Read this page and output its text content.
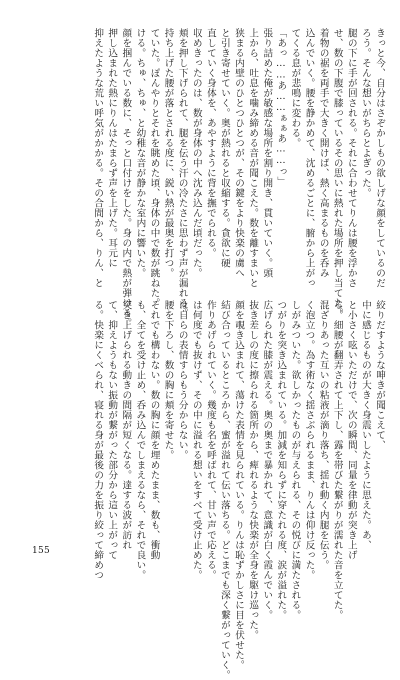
きっと今、自分はさぞかしもの欲しげな顔をしているのだ
ろう。そんな想いがちらとよぎった。
腿の下に手が回される。それに合わせてりんは腰を浮かさ
せ、数の下腹で膝っているその思いに熱れた場所を押し当てた。
着物の裾を両手で大きく開けば、熱く高まるものを呑み
込んでいく。腰を静かめて、沈めるごとに、腑から上がっ
てくる息が悲鳴に変わる。
「あっ……あ……ぁぁあ……っ」
張り詰めた俺が敏感な場所を割り開き、貫いていく。頭
上から、吐息を噛み締める音が聞こえた。数を離すまいと
狭まる内壁のひとつひとつが、その鍵をより快楽の虜へ
と引き寄せていく。奥が熱れると収縮する。貪欲に硬
直していく身体を、あやすように背を撫でられる。
収めきったのは、数が身体の中へ沈み込んだ頃だった。
頬を押し下げられて、腿を伝う汗の冷たさに思わず声が漏れる。
持ち上げた腰が落とされる度に、鋭い熱が最奥を打つ。
ていた。ぽんやりとそれを眺めた頃、身体の中で数が跳ねた。
ける。ちゅ、ちゅ、と幼稚な音が静かな室内に響いた。
顔を掴んでいる数に、そっと口付けをした。身の内で熱が弾ける。
押し込まれた熱にりんはたまらず声を上げた。耳元に
抑えたような荒い呼気がかかる。その合間から、りん、と
絞りだすような呻きが聞こえて、
中に感じるものが大きく身震いしたように思えた。あ、
と小さく呟いただけで、次の瞬間、同量を律動が突き上げ
る。細腰が翻弄されて上下し、露を帯びた繋がりが濡れた音を立てた。
混ざりあった互いの粘液が滴り落ち、揺れ動く内腿を伝う。
く泡立つ。為す術なく揺さぶられるまま、りんは仰け反った。
しがみついた。欲しかったものが与えられる、その悦びに満たされる。
つがりを突き込まれている。加減を知らずに穿たれる度、涙が溢れた。
広げられた膝が震える。奥の奥まで暴かれて、意識が白く霞んでいく。
抜き差しの度に擦られる箇所から、痺れるような快楽が全身を駆け巡った。
顔を覗き込まれて、蕩けた表情を見られている。りんは恥ずかしさに目を伏せた。
結び合っているところから、蜜が溢れて伝い落ちる。どこまでも深く繋がっていく。
作りあげられていく。幾度も名を呼ばれて、甘い声で応える。
は何度でも抜けず、その中に溢れる想いをすべて受け止めた。
は自らの表情すらもう分からない。
腰を下ろし、数の胸に頬を寄せた。
それでも構わない。数の胸に顔を埋めたまま、数も、衝動
も、全てを受け止め、呑み込んでしまえるなら、それで良い。
突き上げられる動きの間隔が短くなる。達する波が訪れ
て、抑えようもない振動が繋がった部分から這い上がって
る。快楽にくべられ、寝れる身が最後の力を振り絞って締めつ
155
